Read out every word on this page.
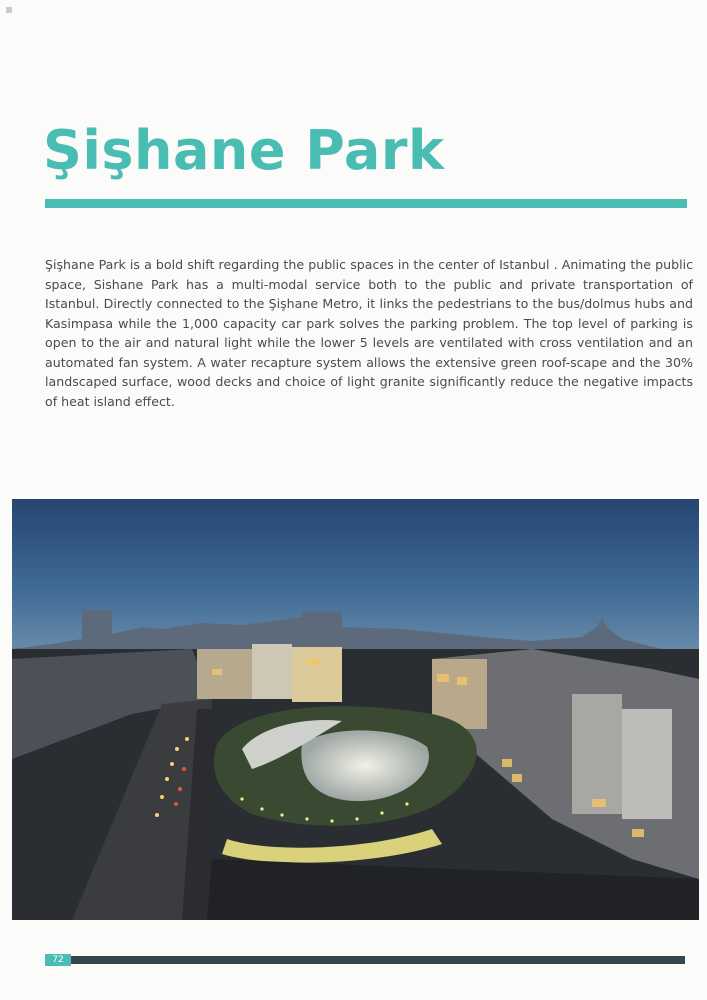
Şişhane Park

Şişhane Park is a bold shift regarding the public spaces in the center of Istanbul . Animating the public space, Sishane Park has a multi-modal service both to the public and private transportation of Istanbul. Directly connected to the Şişhane Metro, it links the pedestrians to the bus/dolmus hubs and Kasimpasa while the 1,000 capacity car park solves the parking problem. The top level of parking is open to the air and natural light while the lower 5 levels are ventilated with cross ventilation and an automated fan system. A water recapture system allows the extensive green roof-scape and the 30% landscaped surface, wood decks and choice of light granite significantly reduce the negative impacts of heat island effect.

72
